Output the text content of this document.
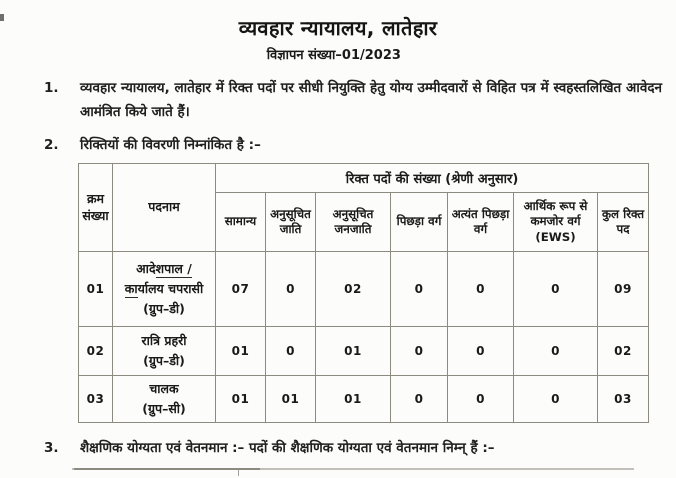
व्यवहार न्यायालय, लातेहार
विज्ञापन संख्या–01/2023
1.	व्यवहार न्यायालय, लातेहार में रिक्त पदों पर सीधी नियुक्ति हेतु योग्य उम्मीदवारों से विहित पत्र में स्वहस्तलिखित आवेदन आमंत्रित किये जाते हैं।
2.	रिक्तियों की विवरणी निम्नांकित है :–
क्रम संख्या	पदनाम	रिक्त पदों की संख्या (श्रेणी अनुसार)						
		सामान्य	अनुसूचित जाति	अनुसूचित जनजाति	पिछड़ा वर्ग	अत्यंत पिछड़ा वर्ग	आर्थिक रूप से कमजोर वर्ग (EWS)	कुल रिक्त पद
01	आदेशपाल /
कार्यालय चपरासी
(ग्रुप–डी)	07	0	02	0	0	0	09
02	रात्रि प्रहरी
(ग्रुप–डी)	01	0	01	0	0	0	02
03	चालक
(ग्रुप–सी)	01	01	01	0	0	0	03
3.	शैक्षणिक योग्यता एवं वेतनमान :– पदों की शैक्षणिक योग्यता एवं वेतनमान निम्न् हैं :–
